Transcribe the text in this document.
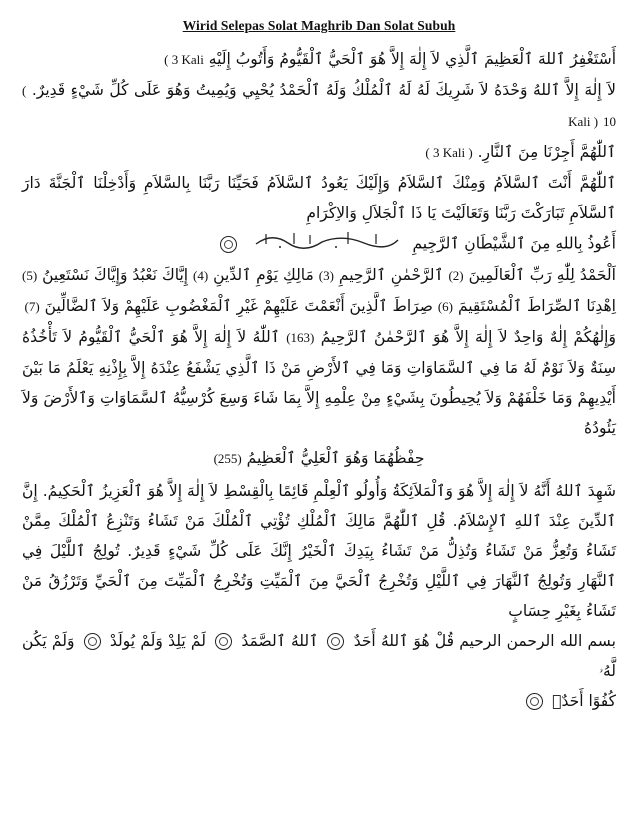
Wirid Selepas Solat Maghrib Dan Solat Subuh

أَسْتَغْفِرُ ٱللهَ ٱلْعَظِيمَ ٱلَّذِي لاَ إِلٰهَ إِلاَّ هُوَ ٱلْحَيُّ ٱلْقَيُّومُ وَأَتُوبُ إِلَيْهِ ( 3 Kali

لاَ إِلٰهَ إِلاَّ ٱللهُ وَحْدَهُ لاَ شَرِيكَ لَهُ لَهُ ٱلْمُلْكُ وَلَهُ ٱلْحَمْدُ يُحْيِي وَيُمِيتُ وَهُوَ عَلَى كُلِّ شَيْءٍ قَدِيرٌ. ( 10 Kali )

ٱللّٰهُمَّ أَجِرْنَا مِنَ ٱلنَّارِ. ( 3 Kali )

ٱللّٰهُمَّ أَنْتَ ٱلسَّلاَمُ وَمِنْكَ ٱلسَّلاَمُ وَإِلَيْكَ يَعُودُ ٱلسَّلاَمُ فَحَيِّنَا رَبَّنَا بِالسَّلاَمِ وَأَدْخِلْنَا ٱلْجَنَّةَ دَارَ ٱلسَّلاَمِ تَبَارَكْتَ رَبَّنَا وَتَعَالَيْتَ يَا ذَا ٱلْجَلاَلِ وَالاِكْرَامِ

أَعُوذُ بِاللهِ مِنَ ٱلشَّيْطَانِ ٱلرَّجِيمِ

اَلْحَمْدُ لِلّٰهِ رَبِّ ٱلْعَالَمِينَ (2) ٱلرَّحْمٰنِ ٱلرَّحِيمِ (3) مَالِكِ يَوْمِ ٱلدِّينِ (4) إِيَّاكَ نَعْبُدُ وَإِيَّاكَ نَسْتَعِينُ (5) اِهْدِنَا ٱلصِّرَاطَ ٱلْمُسْتَقِيمَ (6) صِرَاطَ ٱلَّذِينَ أَنْعَمْتَ عَلَيْهِمْ غَيْرِ ٱلْمَغْضُوبِ عَلَيْهِمْ وَلاَ ٱلضَّالِّينَ (7)

وَإِلٰهُكُمْ إِلٰهٌ وَاحِدٌ لاَ إِلٰهَ إِلاَّ هُوَ ٱلرَّحْمٰنُ ٱلرَّحِيمُ (163) ٱللّٰهُ لاَ إِلٰهَ إِلاَّ هُوَ ٱلْحَيُّ ٱلْقَيُّومُ لاَ تَأْخُذُهُ سِنَةٌ وَلاَ نَوْمٌ لَهُ مَا فِي ٱلسَّمَاوَاتِ وَمَا فِي ٱلأَرْضِ مَنْ ذَا ٱلَّذِي يَشْفَعُ عِنْدَهُ إِلاَّ بِإِذْنِهِ يَعْلَمُ مَا بَيْنَ أَيْدِيهِمْ وَمَا خَلْفَهُمْ وَلاَ يُحِيطُونَ بِشَيْءٍ مِنْ عِلْمِهِ إِلاَّ بِمَا شَاءَ وَسِعَ كُرْسِيُّهُ ٱلسَّمَاوَاتِ وَٱلأَرْضَ وَلاَ يَئُودُهُ

حِفْظُهُمَا وَهُوَ ٱلْعَلِيُّ ٱلْعَظِيمُ (255)

شَهِدَ ٱللهُ أَنَّهُ لاَ إِلٰهَ إِلاَّ هُوَ وَٱلْمَلاَئِكَةُ وَأُولُو ٱلْعِلْمِ قَائِمًا بِالْقِسْطِ لاَ إِلٰهَ إِلاَّ هُوَ ٱلْعَزِيزُ ٱلْحَكِيمُ. إِنَّ ٱلدِّينَ عِنْدَ ٱللهِ ٱلإِسْلاَمُ. قُلِ ٱللّٰهُمَّ مَالِكَ ٱلْمُلْكِ تُؤْتِي ٱلْمُلْكَ مَنْ تَشَاءُ وَتَنْزِعُ ٱلْمُلْكَ مِمَّنْ تَشَاءُ وَتُعِزُّ مَنْ تَشَاءُ وَتُذِلُّ مَنْ تَشَاءُ بِيَدِكَ ٱلْخَيْرُ إِنَّكَ عَلَى كُلِّ شَيْءٍ قَدِيرٌ. تُولِجُ ٱللَّيْلَ فِي ٱلنَّهَارِ وَتُولِجُ ٱلنَّهَارَ فِي ٱللَّيْلِ وَتُخْرِجُ ٱلْحَيَّ مِنَ ٱلْمَيِّتِ وَتُخْرِجُ ٱلْمَيِّتَ مِنَ ٱلْحَيِّ وَتَرْزُقُ مَنْ تَشَاءُ بِغَيْرِ حِسَابٍ

بسم الله الرحمن الرحيم قُلْ هُوَ ٱللهُ أَحَدٌ  ٱللهُ ٱلصَّمَدُ  لَمْ يَلِدْ وَلَمْ يُولَدْ  وَلَمْ يَكُن لَّهُۥ

كُفُوًا أَحَدٌۢ
